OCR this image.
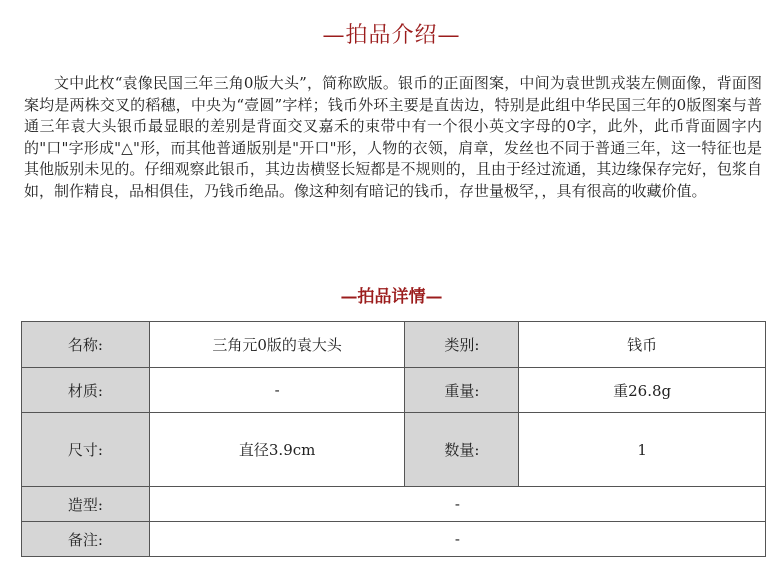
—拍品介绍—

文中此枚“袁像民国三年三角0版大头”，简称欧版。银币的正面图案，中间为袁世凯戎装左侧面像，背面图案均是两株交叉的稻穗，中央为“壹圆”字样；钱币外环主要是直齿边，特别是此组中华民国三年的0版图案与普通三年袁大头银币最显眼的差别是背面交叉嘉禾的束带中有一个很小英文字母的0字，此外，此币背面圆字内的"口"字形成"△"形，而其他普通版别是"开口"形，人物的衣领，肩章，发丝也不同于普通三年，这一特征也是其他版别未见的。仔细观察此银币，其边齿横竖长短都是不规则的，且由于经过流通，其边缘保存完好，包浆自如，制作精良，品相俱佳，乃钱币绝品。像这种刻有暗记的钱币，存世量极罕，，具有很高的收藏价值。

—拍品详情—
名称:	三角元0版的袁大头	类别:	钱币
材质:	-	重量:	重26.8g
尺寸:	直径3.9cm	数量:	1
造型:	-		
备注:	-		
